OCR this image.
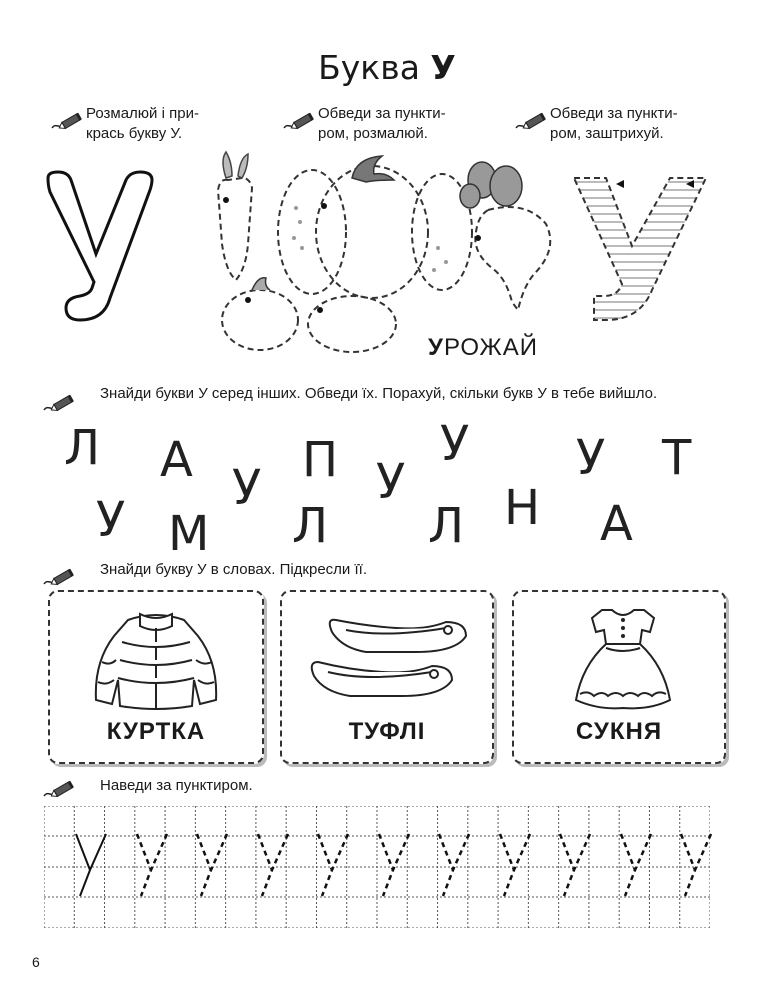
Буква У
Розмалюй і при-
крась букву У.
Обведи за пункти-
ром, розмалюй.
Обведи за пункти-
ром, заштрихуй.
УРОЖАЙ
Знайди букви У серед інших. Обведи їх. Порахуй, скільки букв У в тебе вийшло.
Л А У П У
У У Т
У М Л Л Н А
Знайди букву У в словах. Підкресли її.
КУРТКА	ТУФЛІ	СУКНЯ
Наведи за пунктиром.
6
